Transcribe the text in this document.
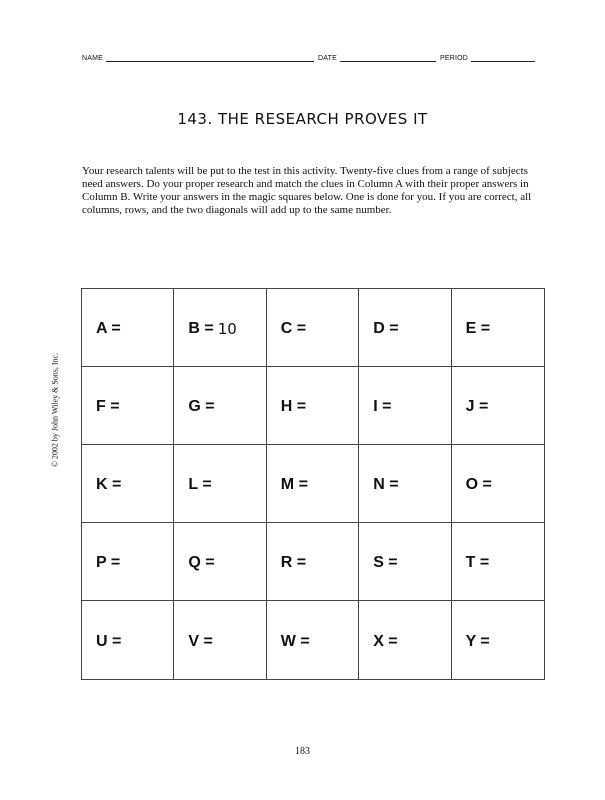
NAME	DATE	PERIOD
143. THE RESEARCH PROVES IT

Your research talents will be put to the test in this activity. Twenty-five clues from a range of subjects need answers. Do your proper research and match the clues in Column A with their proper answers in Column B. Write your answers in the magic squares below. One is done for you. If you are correct, all columns, rows, and the two diagonals will add up to the same number.

© 2002 by John Wiley & Sons, Inc.
A =	B = 10	C =	D =	E =
F =	G =	H =	I =	J =
K =	L =	M =	N =	O =
P =	Q =	R =	S =	T =
U =	V =	W =	X =	Y =
183
